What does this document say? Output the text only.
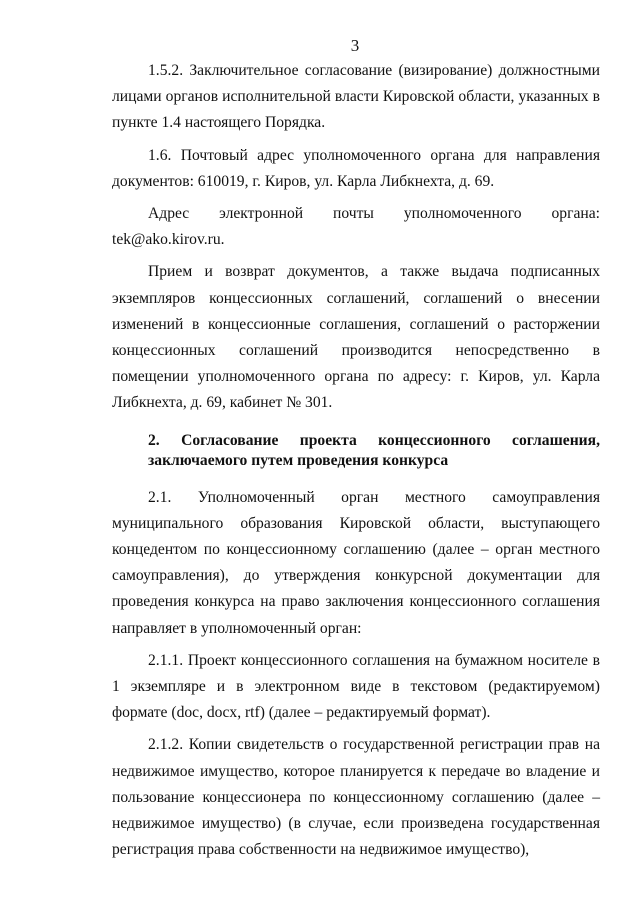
3

1.5.2. Заключительное согласование (визирование) должностными лицами органов исполнительной власти Кировской области, указанных в пункте 1.4 настоящего Порядка.

1.6. Почтовый адрес уполномоченного органа для направления документов: 610019, г. Киров, ул. Карла Либкнехта, д. 69.

Адрес электронной почты уполномоченного органа: tek@ako.kirov.ru.

Прием и возврат документов, а также выдача подписанных экземпляров концессионных соглашений, соглашений о внесении изменений в концессионные соглашения, соглашений о расторжении концессионных соглашений производится непосредственно в помещении уполномоченного органа по адресу: г. Киров, ул. Карла Либкнехта, д. 69, кабинет № 301.

2. Согласование проекта концессионного соглашения,
заключаемого путем проведения конкурса

2.1. Уполномоченный орган местного самоуправления муниципального образования Кировской области, выступающего концедентом по концессионному соглашению (далее – орган местного самоуправления), до утверждения конкурсной документации для проведения конкурса на право заключения концессионного соглашения направляет в уполномоченный орган:

2.1.1. Проект концессионного соглашения на бумажном носителе в 1 экземпляре и в электронном виде в текстовом (редактируемом) формате (doc, docx, rtf) (далее – редактируемый формат).

2.1.2. Копии свидетельств о государственной регистрации прав на недвижимое имущество, которое планируется к передаче во владение и пользование концессионера по концессионному соглашению (далее – недвижимое имущество) (в случае, если произведена государственная регистрация права собственности на недвижимое имущество),
